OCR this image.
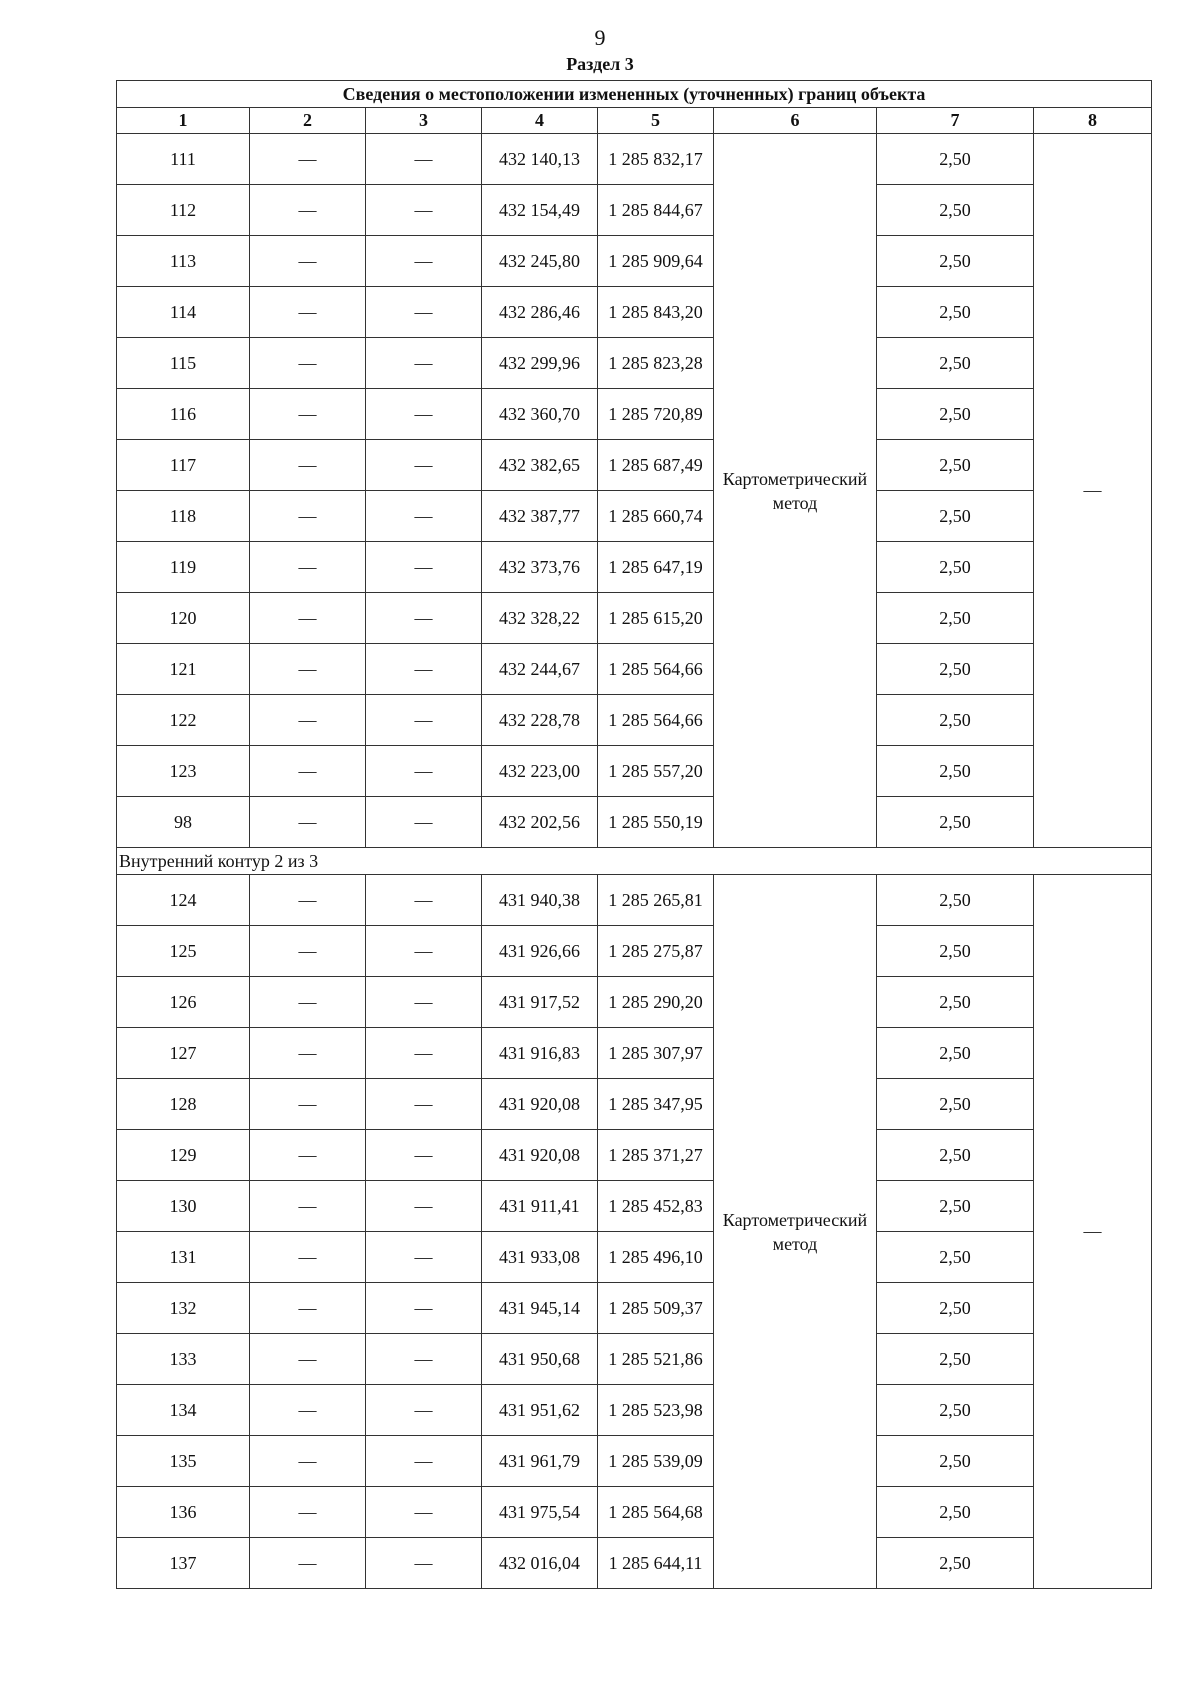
9
Раздел 3
Сведения о местоположении измененных (уточненных) границ объекта							
1	2	3	4	5	6	7	8
111	—	—	432 140,13	1 285 832,17	Картометрический метод	2,50	—
112	—	—	432 154,49	1 285 844,67		2,50	
113	—	—	432 245,80	1 285 909,64		2,50	
114	—	—	432 286,46	1 285 843,20		2,50	
115	—	—	432 299,96	1 285 823,28		2,50	
116	—	—	432 360,70	1 285 720,89		2,50	
117	—	—	432 382,65	1 285 687,49		2,50	
118	—	—	432 387,77	1 285 660,74		2,50	
119	—	—	432 373,76	1 285 647,19		2,50	
120	—	—	432 328,22	1 285 615,20		2,50	
121	—	—	432 244,67	1 285 564,66		2,50	
122	—	—	432 228,78	1 285 564,66		2,50	
123	—	—	432 223,00	1 285 557,20		2,50	
98	—	—	432 202,56	1 285 550,19		2,50	
Внутренний контур 2 из 3							
124	—	—	431 940,38	1 285 265,81	Картометрический метод	2,50	—
125	—	—	431 926,66	1 285 275,87		2,50	
126	—	—	431 917,52	1 285 290,20		2,50	
127	—	—	431 916,83	1 285 307,97		2,50	
128	—	—	431 920,08	1 285 347,95		2,50	
129	—	—	431 920,08	1 285 371,27		2,50	
130	—	—	431 911,41	1 285 452,83		2,50	
131	—	—	431 933,08	1 285 496,10		2,50	
132	—	—	431 945,14	1 285 509,37		2,50	
133	—	—	431 950,68	1 285 521,86		2,50	
134	—	—	431 951,62	1 285 523,98		2,50	
135	—	—	431 961,79	1 285 539,09		2,50	
136	—	—	431 975,54	1 285 564,68		2,50	
137	—	—	432 016,04	1 285 644,11		2,50	
